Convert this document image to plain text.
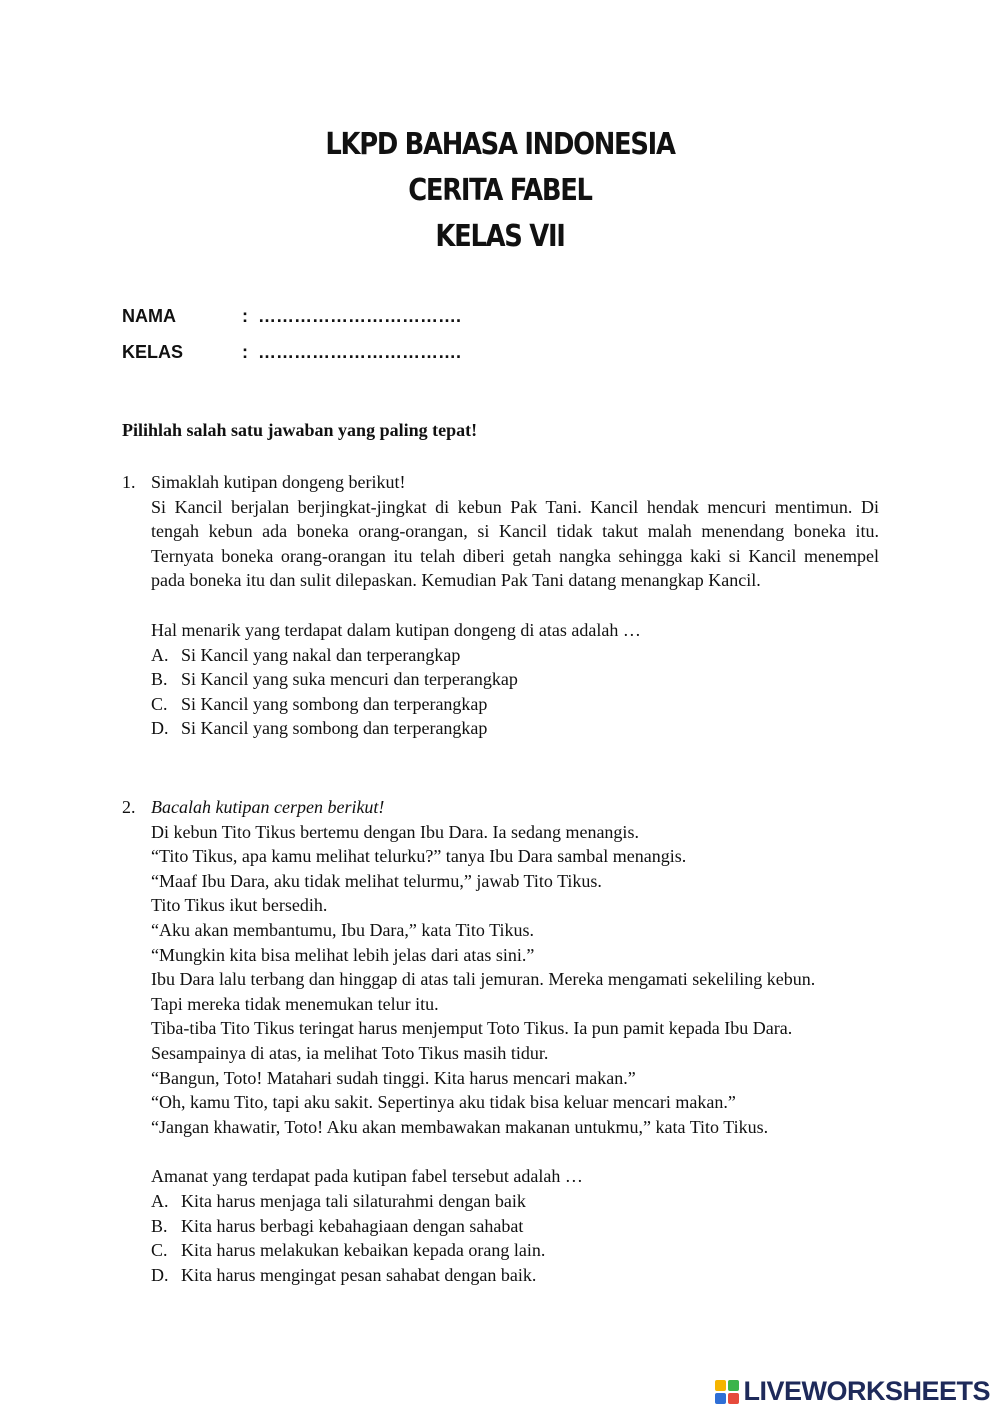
LKPD BAHASA INDONESIA
CERITA FABEL
KELAS VII
NAMA	: …………………………….
KELAS	: …………………………….
Pilihlah salah satu jawaban yang paling tepat!
1. Simaklah kutipan dongeng berikut!

Si Kancil berjalan berjingkat-jingkat di kebun Pak Tani. Kancil hendak mencuri mentimun. Di tengah kebun ada boneka orang-orangan, si Kancil tidak takut malah menendang boneka itu. Ternyata boneka orang-orangan itu telah diberi getah nangka sehingga kaki si Kancil menempel pada boneka itu dan sulit dilepaskan. Kemudian Pak Tani datang menangkap Kancil.

Hal menarik yang terdapat dalam kutipan dongeng di atas adalah …

A. Si Kancil yang nakal dan terperangkap
B. Si Kancil yang suka mencuri dan terperangkap
C. Si Kancil yang sombong dan terperangkap
D. Si Kancil yang sombong dan terperangkap
2. Bacalah kutipan cerpen berikut!

Di kebun Tito Tikus bertemu dengan Ibu Dara. Ia sedang menangis.

“Tito Tikus, apa kamu melihat telurku?” tanya Ibu Dara sambal menangis.

“Maaf Ibu Dara, aku tidak melihat telurmu,” jawab Tito Tikus.

Tito Tikus ikut bersedih.

“Aku akan membantumu, Ibu Dara,” kata Tito Tikus.

“Mungkin kita bisa melihat lebih jelas dari atas sini.”

Ibu Dara lalu terbang dan hinggap di atas tali jemuran. Mereka mengamati sekeliling kebun.

Tapi mereka tidak menemukan telur itu.

Tiba-tiba Tito Tikus teringat harus menjemput Toto Tikus. Ia pun pamit kepada Ibu Dara.

Sesampainya di atas, ia melihat Toto Tikus masih tidur.

“Bangun, Toto! Matahari sudah tinggi. Kita harus mencari makan.”

“Oh, kamu Tito, tapi aku sakit. Sepertinya aku tidak bisa keluar mencari makan.”

“Jangan khawatir, Toto! Aku akan membawakan makanan untukmu,” kata Tito Tikus.

Amanat yang terdapat pada kutipan fabel tersebut adalah …

A. Kita harus menjaga tali silaturahmi dengan baik
B. Kita harus berbagi kebahagiaan dengan sahabat
C. Kita harus melakukan kebaikan kepada orang lain.
D. Kita harus mengingat pesan sahabat dengan baik.
LIVEWORKSHEETS
